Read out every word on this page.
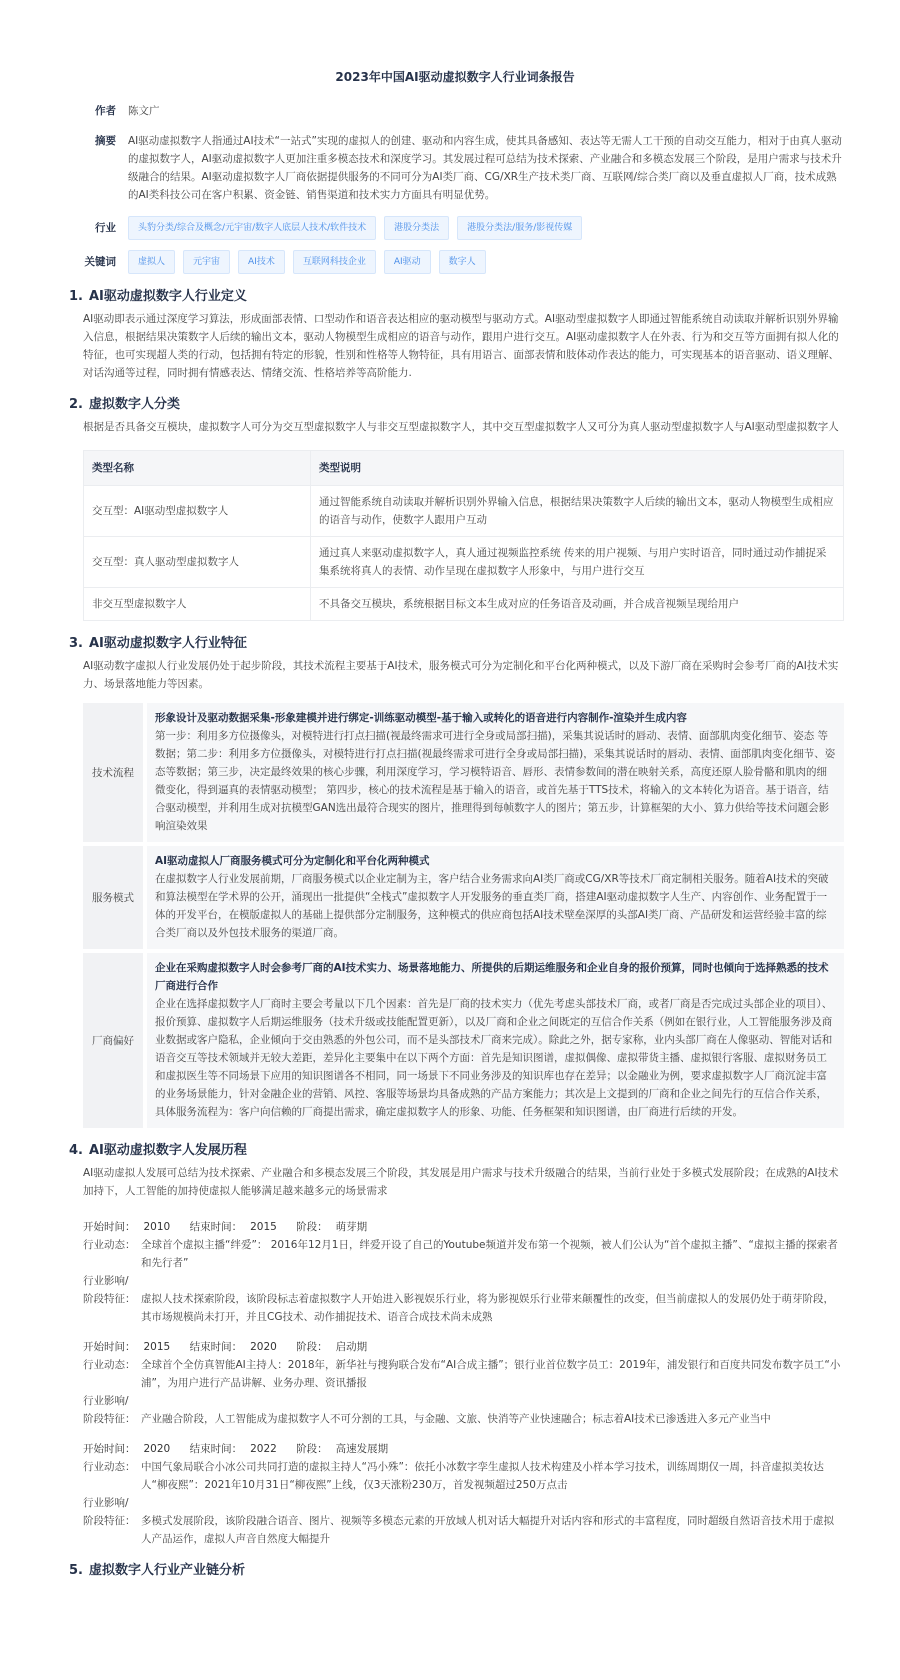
2023年中国AI驱动虚拟数字人行业词条报告
作者 陈文广
摘要 AI驱动虚拟数字人指通过AI技术“一站式”实现的虚拟人的创建、驱动和内容生成，使其具备感知、表达等无需人工干预的自动交互能力，相对于由真人驱动的虚拟数字人，AI驱动虚拟数字人更加注重多模态技术和深度学习。其发展过程可总结为技术探索、产业融合和多模态发展三个阶段，是用户需求与技术升级融合的结果。AI驱动虚拟数字人厂商依据提供服务的不同可分为AI类厂商、CG/XR生产技术类厂商、互联网/综合类厂商以及垂直虚拟人厂商，技术成熟的AI类科技公司在客户积累、资金链、销售渠道和技术实力方面具有明显优势。
行业	头豹分类/综合及概念/元宇宙/数字人底层人技术/软件技术	港股分类法	港股分类法/服务/影视传媒
关键词	虚拟人	元宇宙	AI技术	互联网科技企业	AI驱动	数字人
1. AI驱动虚拟数字人行业定义

AI驱动即表示通过深度学习算法，形成面部表情、口型动作和语音表达相应的驱动模型与驱动方式。AI驱动型虚拟数字人即通过智能系统自动读取并解析识别外界输入信息，根据结果决策数字人后续的输出文本，驱动人物模型生成相应的语音与动作，跟用户进行交互。AI驱动虚拟数字人在外表、行为和交互等方面拥有拟人化的特征，也可实现超人类的行动，包括拥有特定的形貌，性别和性格等人物特征，具有用语言、面部表情和肢体动作表达的能力，可实现基本的语音驱动、语义理解、对话沟通等过程，同时拥有情感表达、情绪交流、性格培养等高阶能力.

2. 虚拟数字人分类

根据是否具备交互模块，虚拟数字人可分为交互型虚拟数字人与非交互型虚拟数字人，其中交互型虚拟数字人又可分为真人驱动型虚拟数字人与AI驱动型虚拟数字人

类型名称	类型说明
交互型：AI驱动型虚拟数字人	通过智能系统自动读取并解析识别外界输入信息，根据结果决策数字人后续的输出文本，驱动人物模型生成相应的语音与动作，使数字人跟用户互动
交互型：真人驱动型虚拟数字人	通过真人来驱动虚拟数字人，真人通过视频监控系统 传来的用户视频、与用户实时语音，同时通过动作捕捉采集系统将真人的表情、动作呈现在虚拟数字人形象中，与用户进行交互
非交互型虚拟数字人	不具备交互模块，系统根据目标文本生成对应的任务语音及动画，并合成音视频呈现给用户
3. AI驱动虚拟数字人行业特征

AI驱动数字虚拟人行业发展仍处于起步阶段，其技术流程主要基于AI技术，服务模式可分为定制化和平台化两种模式，以及下游厂商在采购时会参考厂商的AI技术实力、场景落地能力等因素。

技术流程
形象设计及驱动数据采集-形象建模并进行绑定-训练驱动模型-基于输入或转化的语音进行内容制作-渲染并生成内容
第一步：利用多方位摄像头，对模特进行打点扫描(视最终需求可进行全身或局部扫描)，采集其说话时的唇动、表情、面部肌肉变化细节、姿态 等数据；第二步：利用多方位摄像头，对模特进行打点扫描(视最终需求可进行全身或局部扫描)，采集其说话时的唇动、表情、面部肌肉变化细节、姿态等数据；第三步，决定最终效果的核心步骤，利用深度学习，学习模特语音、唇形、表情参数间的潜在映射关系，高度还原人脸骨骼和肌肉的细微变化，得到逼真的表情驱动模型； 第四步，核心的技术流程是基于输入的语音，或首先基于TTS技术，将输入的文本转化为语音。基于语音，结合驱动模型，并利用生成对抗模型GAN选出最符合现实的图片，推理得到每帧数字人的图片；第五步，计算框架的大小、算力供给等技术问题会影响渲染效果
服务模式
AI驱动虚拟人厂商服务模式可分为定制化和平台化两种模式
在虚拟数字人行业发展前期，厂商服务模式以企业定制为主，客户结合业务需求向AI类厂商或CG/XR等技术厂商定制相关服务。随着AI技术的突破和算法模型在学术界的公开，涌现出一批提供“全栈式”虚拟数字人开发服务的垂直类厂商，搭建AI驱动虚拟数字人生产、内容创作、业务配置于一体的开发平台，在模版虚拟人的基础上提供部分定制服务，这种模式的供应商包括AI技术壁垒深厚的头部AI类厂商、产品研发和运营经验丰富的综合类厂商以及外包技术服务的渠道厂商。
厂商偏好
企业在采购虚拟数字人时会参考厂商的AI技术实力、场景落地能力、所提供的后期运维服务和企业自身的报价预算，同时也倾向于选择熟悉的技术厂商进行合作
企业在选择虚拟数字人厂商时主要会考量以下几个因素：首先是厂商的技术实力（优先考虑头部技术厂商，或者厂商是否完成过头部企业的项目）、报价预算、虚拟数字人后期运维服务（技术升级或技能配置更新），以及厂商和企业之间既定的互信合作关系（例如在银行业，人工智能服务涉及商业数据或客户隐私，企业倾向于交由熟悉的外包公司，而不是头部技术厂商来完成）。除此之外，据专家称，业内头部厂商在人像驱动、智能对话和语音交互等技术领域并无较大差距，差异化主要集中在以下两个方面：首先是知识图谱，虚拟偶像、虚拟带货主播、虚拟银行客服、虚拟财务员工和虚拟医生等不同场景下应用的知识图谱各不相同，同一场景下不同业务涉及的知识库也存在差异；以金融业为例，要求虚拟数字人厂商沉淀丰富的业务场景能力，针对金融企业的营销、风控、客服等场景均具备成熟的产品方案能力；其次是上文提到的厂商和企业之间先行的互信合作关系，具体服务流程为：客户向信赖的厂商提出需求，确定虚拟数字人的形象、功能、任务框架和知识图谱，由厂商进行后续的开发。
4. AI驱动虚拟数字人发展历程

AI驱动虚拟人发展可总结为技术探索、产业融合和多模态发展三个阶段，其发展是用户需求与技术升级融合的结果，当前行业处于多模式发展阶段；在成熟的AI技术加持下，人工智能的加持使虚拟人能够满足越来越多元的场景需求

开始时间： 2010 结束时间： 2015 阶段： 萌芽期
行业动态： 全球首个虚拟主播“绊爱”： 2016年12月1日，绊爱开设了自己的Youtube频道并发布第一个视频，被人们公认为“首个虚拟主播”、“虚拟主播的探索者和先行者”
行业影响/
阶段特征： 虚拟人技术探索阶段，该阶段标志着虚拟数字人开始进入影视娱乐行业，将为影视娱乐行业带来颠覆性的改变，但当前虚拟人的发展仍处于萌芽阶段，其市场规模尚未打开，并且CG技术、动作捕捉技术、语音合成技术尚未成熟
开始时间： 2015 结束时间： 2020 阶段： 启动期
行业动态： 全球首个全仿真智能AI主持人：2018年，新华社与搜狗联合发布“AI合成主播”；银行业首位数字员工：2019年，浦发银行和百度共同发布数字员工“小浦”，为用户进行产品讲解、业务办理、资讯播报
行业影响/
阶段特征： 产业融合阶段，人工智能成为虚拟数字人不可分割的工具，与金融、文旅、快消等产业快速融合；标志着AI技术已渗透进入多元产业当中
开始时间： 2020 结束时间： 2022 阶段： 高速发展期
行业动态： 中国气象局联合小冰公司共同打造的虚拟主持人“冯小殊”：依托小冰数字孪生虚拟人技术构建及小样本学习技术，训练周期仅一周，抖音虚拟美妆达人“柳夜熙”：2021年10月31日“柳夜熙”上线，仅3天涨粉230万，首发视频超过250万点击
行业影响/
阶段特征： 多模式发展阶段，该阶段融合语音、图片、视频等多模态元素的开放域人机对话大幅提升对话内容和形式的丰富程度，同时超级自然语音技术用于虚拟人产品运作，虚拟人声音自然度大幅提升
5. 虚拟数字人行业产业链分析
